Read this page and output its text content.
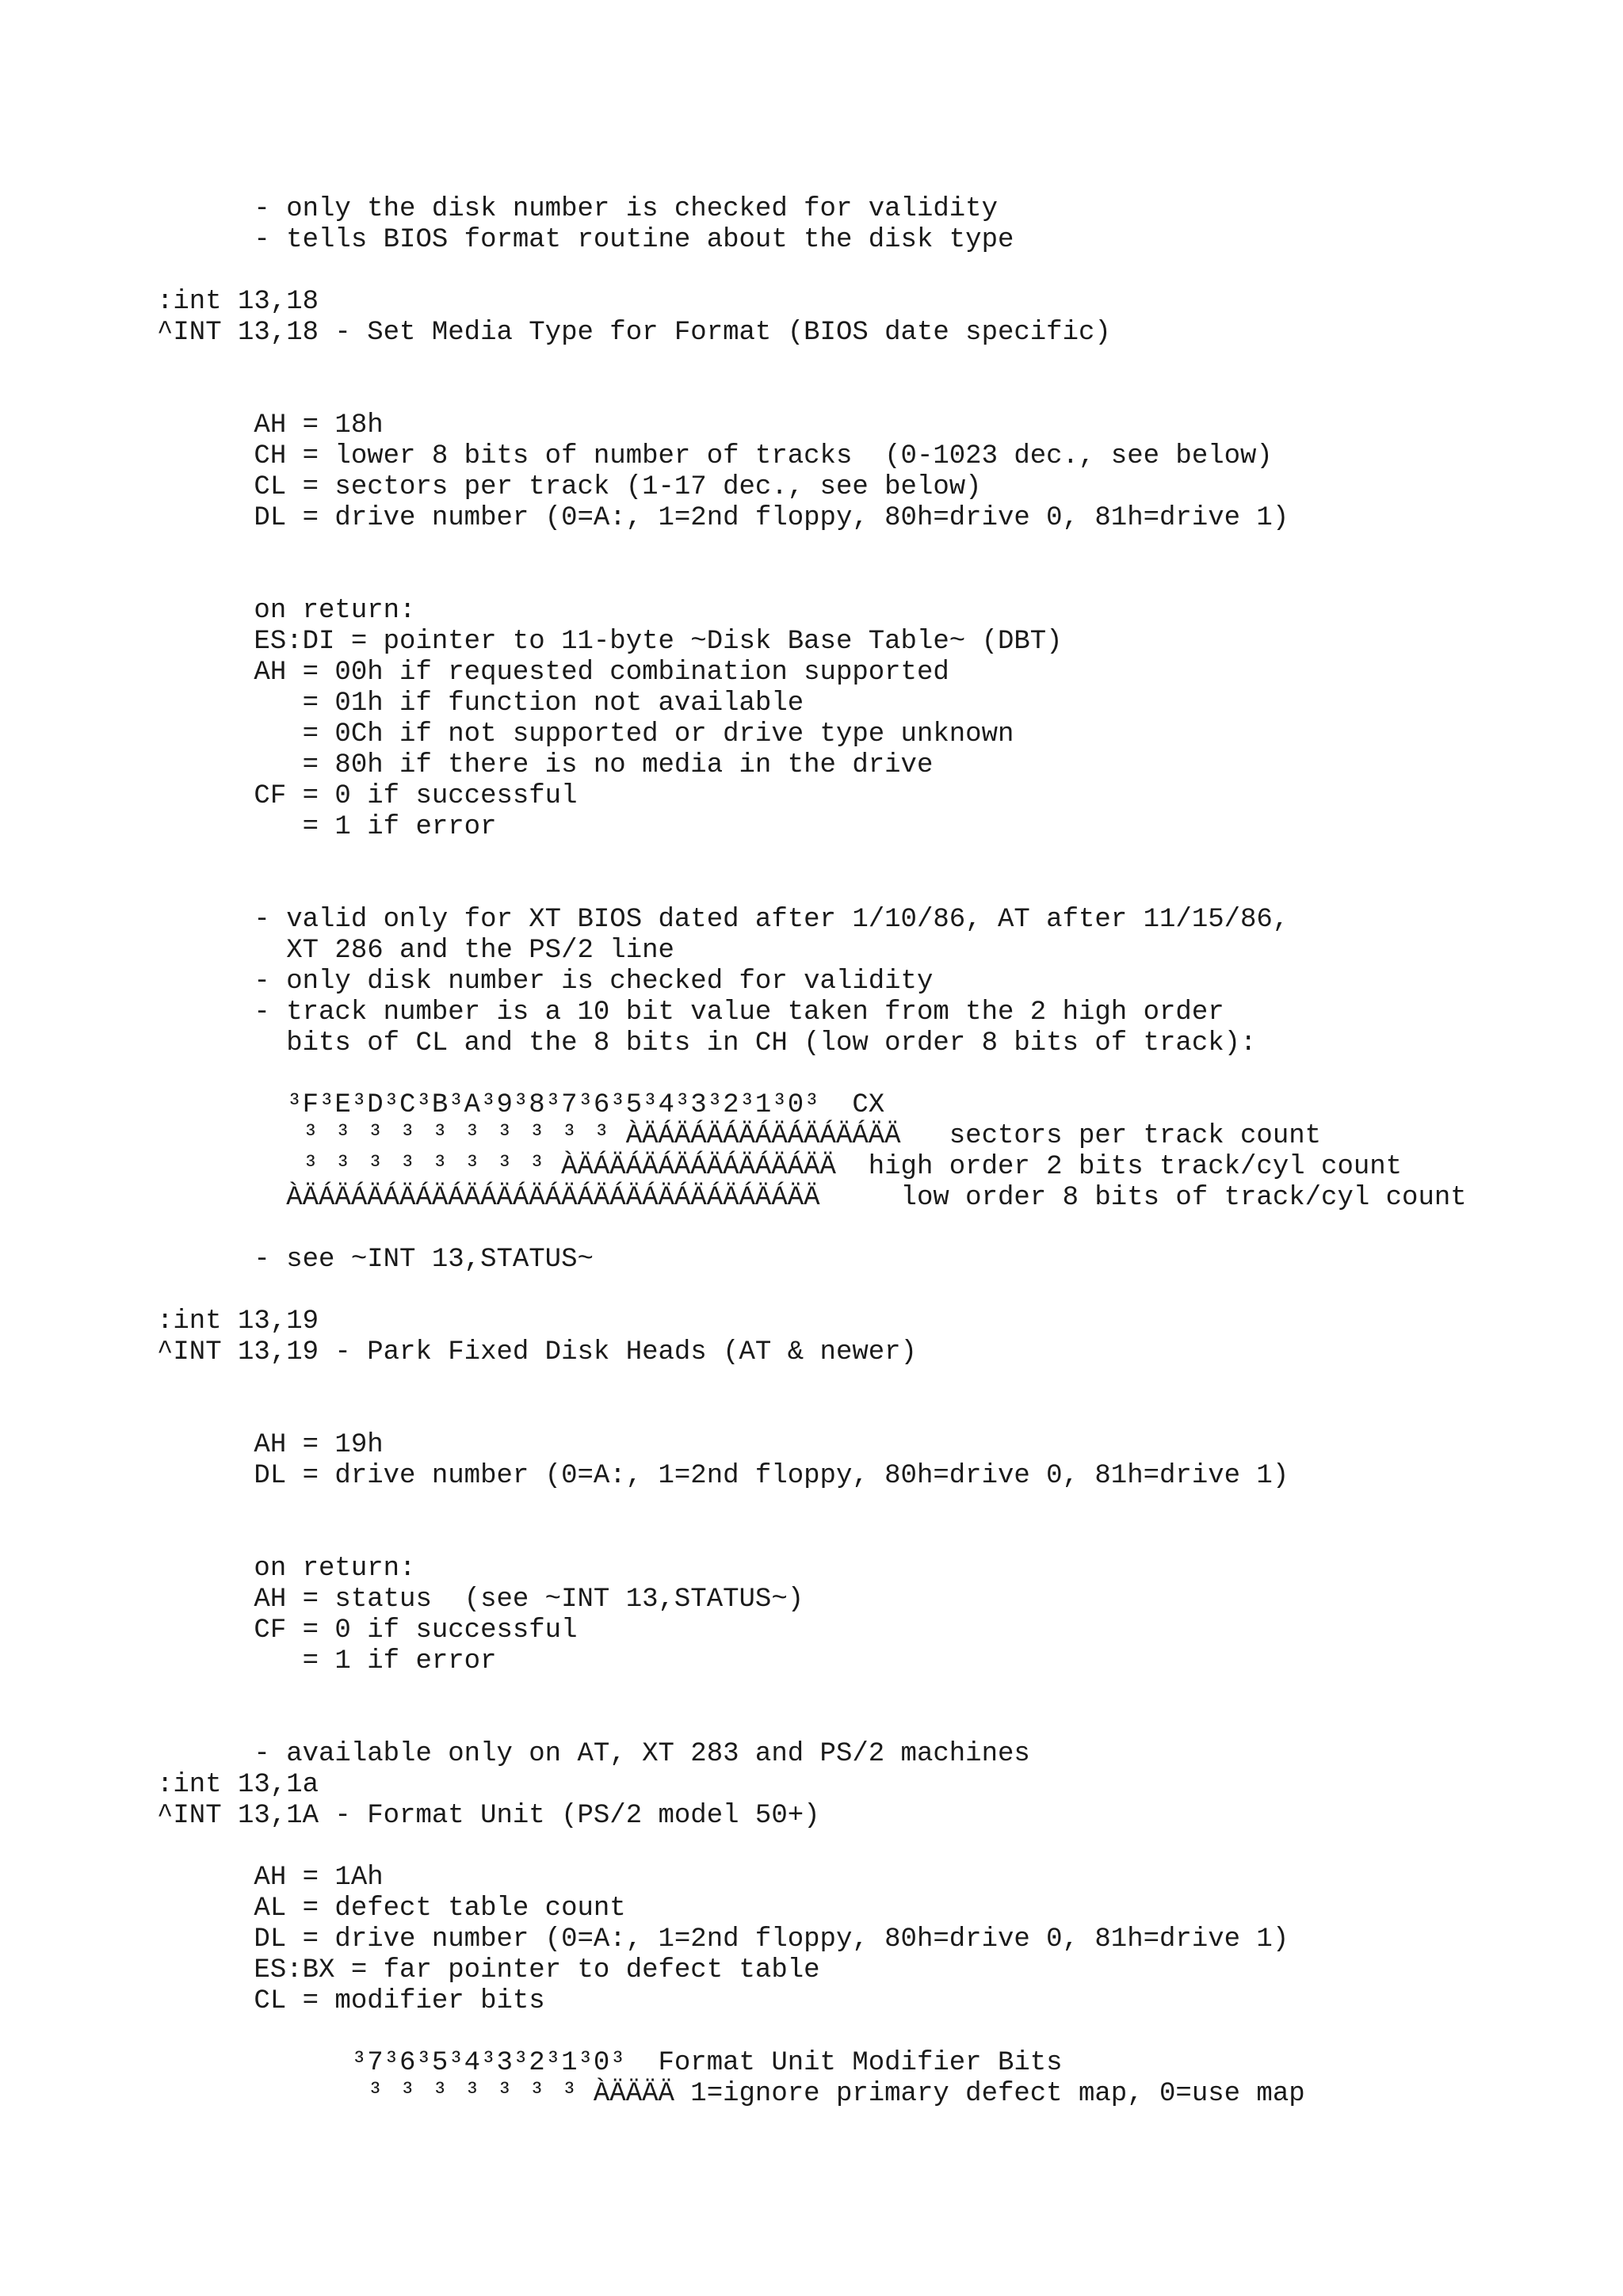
- only the disk number is checked for validity
- tells BIOS format routine about the disk type
:int 13,18
^INT 13,18 - Set Media Type for Format (BIOS date specific)
AH = 18h
CH = lower 8 bits of number of tracks  (0-1023 dec., see below)
CL = sectors per track (1-17 dec., see below)
DL = drive number (0=A:, 1=2nd floppy, 80h=drive 0, 81h=drive 1)
on return:
ES:DI = pointer to 11-byte ~Disk Base Table~ (DBT)
AH = 00h if requested combination supported
= 01h if function not available
= 0Ch if not supported or drive type unknown
= 80h if there is no media in the drive
CF = 0 if successful
= 1 if error
- valid only for XT BIOS dated after 1/10/86, AT after 11/15/86,
XT 286 and the PS/2 line
- only disk number is checked for validity
- track number is a 10 bit value taken from the 2 high order
bits of CL and the 8 bits in CH (low order 8 bits of track):
³F³E³D³C³B³A³9³8³7³6³5³4³3³2³1³0³  CX
³ ³ ³ ³ ³ ³ ³ ³ ³ ³ ÀÄÁÄÁÄÁÄÁÄÁÄÁÄÁÄÄ   sectors per track count
³ ³ ³ ³ ³ ³ ³ ³ ÀÄÁÄÁÄÁÄÁÄÁÄÁÄÁÄÄ  high order 2 bits track/cyl count
ÀÄÁÄÁÄÁÄÁÄÁÄÁÄÁÄÁÄÁÄÁÄÁÄÁÄÁÄÁÄÁÄÄ     low order 8 bits of track/cyl count
- see ~INT 13,STATUS~
:int 13,19
^INT 13,19 - Park Fixed Disk Heads (AT & newer)
AH = 19h
DL = drive number (0=A:, 1=2nd floppy, 80h=drive 0, 81h=drive 1)
on return:
AH = status  (see ~INT 13,STATUS~)
CF = 0 if successful
= 1 if error
- available only on AT, XT 283 and PS/2 machines
:int 13,1a
^INT 13,1A - Format Unit (PS/2 model 50+)
AH = 1Ah
AL = defect table count
DL = drive number (0=A:, 1=2nd floppy, 80h=drive 0, 81h=drive 1)
ES:BX = far pointer to defect table
CL = modifier bits
³7³6³5³4³3³2³1³0³  Format Unit Modifier Bits
³ ³ ³ ³ ³ ³ ³ ÀÄÄÄÄ 1=ignore primary defect map, 0=use map
